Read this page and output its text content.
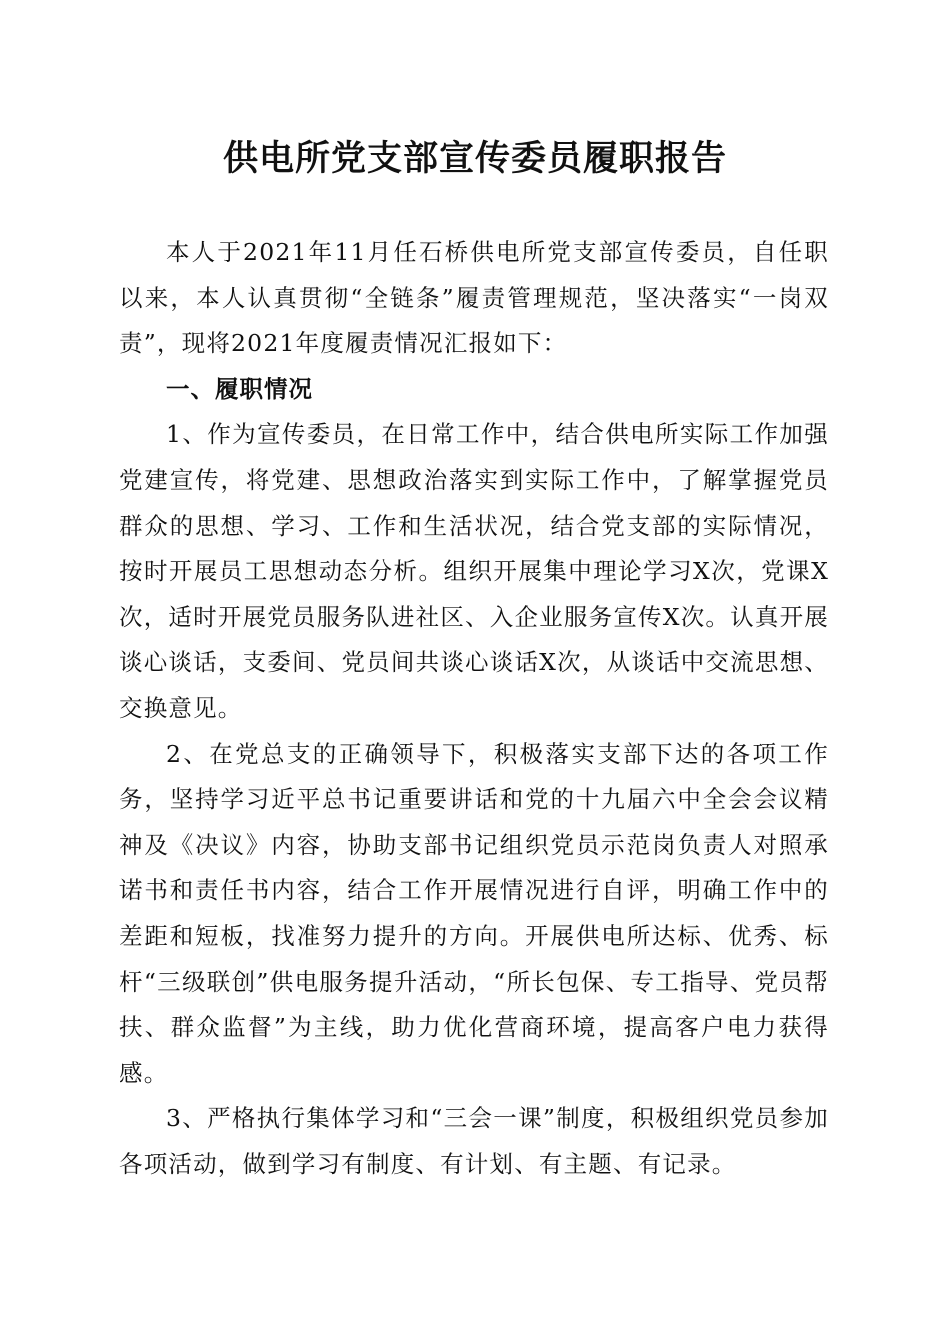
供电所党支部宣传委员履职报告

本人于2021年11月任石桥供电所党支部宣传委员，自任职以来，本人认真贯彻“全链条”履责管理规范，坚决落实“一岗双责”，现将2021年度履责情况汇报如下：

一、履职情况

1、作为宣传委员，在日常工作中，结合供电所实际工作加强党建宣传，将党建、思想政治落实到实际工作中，了解掌握党员群众的思想、学习、工作和生活状况，结合党支部的实际情况，按时开展员工思想动态分析。组织开展集中理论学习X次，党课X次，适时开展党员服务队进社区、入企业服务宣传X次。认真开展谈心谈话，支委间、党员间共谈心谈话X次，从谈话中交流思想、交换意见。

2、在党总支的正确领导下，积极落实支部下达的各项工作务，坚持学习近平总书记重要讲话和党的十九届六中全会会议精神及《决议》内容，协助支部书记组织党员示范岗负责人对照承诺书和责任书内容，结合工作开展情况进行自评，明确工作中的差距和短板，找准努力提升的方向。开展供电所达标、优秀、标杆“三级联创”供电服务提升活动，“所长包保、专工指导、党员帮扶、群众监督”为主线，助力优化营商环境，提高客户电力获得感。

3、严格执行集体学习和“三会一课”制度，积极组织党员参加各项活动，做到学习有制度、有计划、有主题、有记录。
